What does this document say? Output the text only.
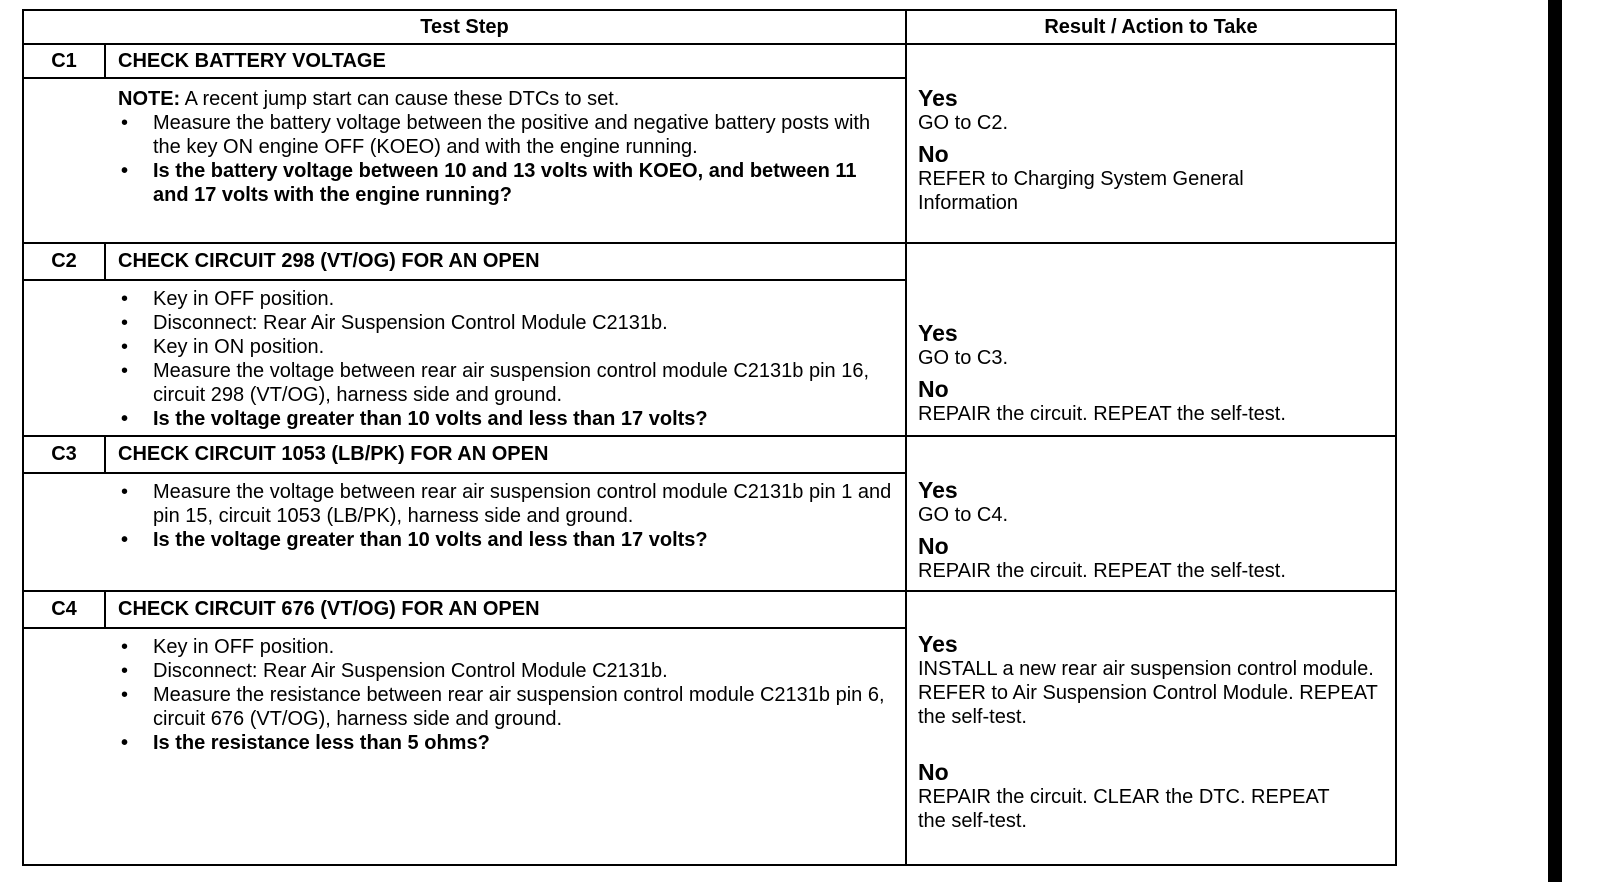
Test Step	Result / Action to Take
C1	CHECK BATTERY VOLTAGE
NOTE: A recent jump start can cause these DTCs to set.
• Measure the battery voltage between the positive and negative battery posts with the key ON engine OFF (KOEO) and with the engine running.
• Is the battery voltage between 10 and 13 volts with KOEO, and between 11 and 17 volts with the engine running?
Yes
GO to C2.
No
REFER to Charging System General Information
C2	CHECK CIRCUIT 298 (VT/OG) FOR AN OPEN
• Key in OFF position.
• Disconnect: Rear Air Suspension Control Module C2131b.
• Key in ON position.
• Measure the voltage between rear air suspension control module C2131b pin 16, circuit 298 (VT/OG), harness side and ground.
• Is the voltage greater than 10 volts and less than 17 volts?
Yes
GO to C3.
No
REPAIR the circuit. REPEAT the self-test.
C3	CHECK CIRCUIT 1053 (LB/PK) FOR AN OPEN
• Measure the voltage between rear air suspension control module C2131b pin 1 and pin 15, circuit 1053 (LB/PK), harness side and ground.
• Is the voltage greater than 10 volts and less than 17 volts?
Yes
GO to C4.
No
REPAIR the circuit. REPEAT the self-test.
C4	CHECK CIRCUIT 676 (VT/OG) FOR AN OPEN
• Key in OFF position.
• Disconnect: Rear Air Suspension Control Module C2131b.
• Measure the resistance between rear air suspension control module C2131b pin 6, circuit 676 (VT/OG), harness side and ground.
• Is the resistance less than 5 ohms?
Yes
INSTALL a new rear air suspension control module. REFER to Air Suspension Control Module. REPEAT the self-test.
No
REPAIR the circuit. CLEAR the DTC. REPEAT the self-test.
